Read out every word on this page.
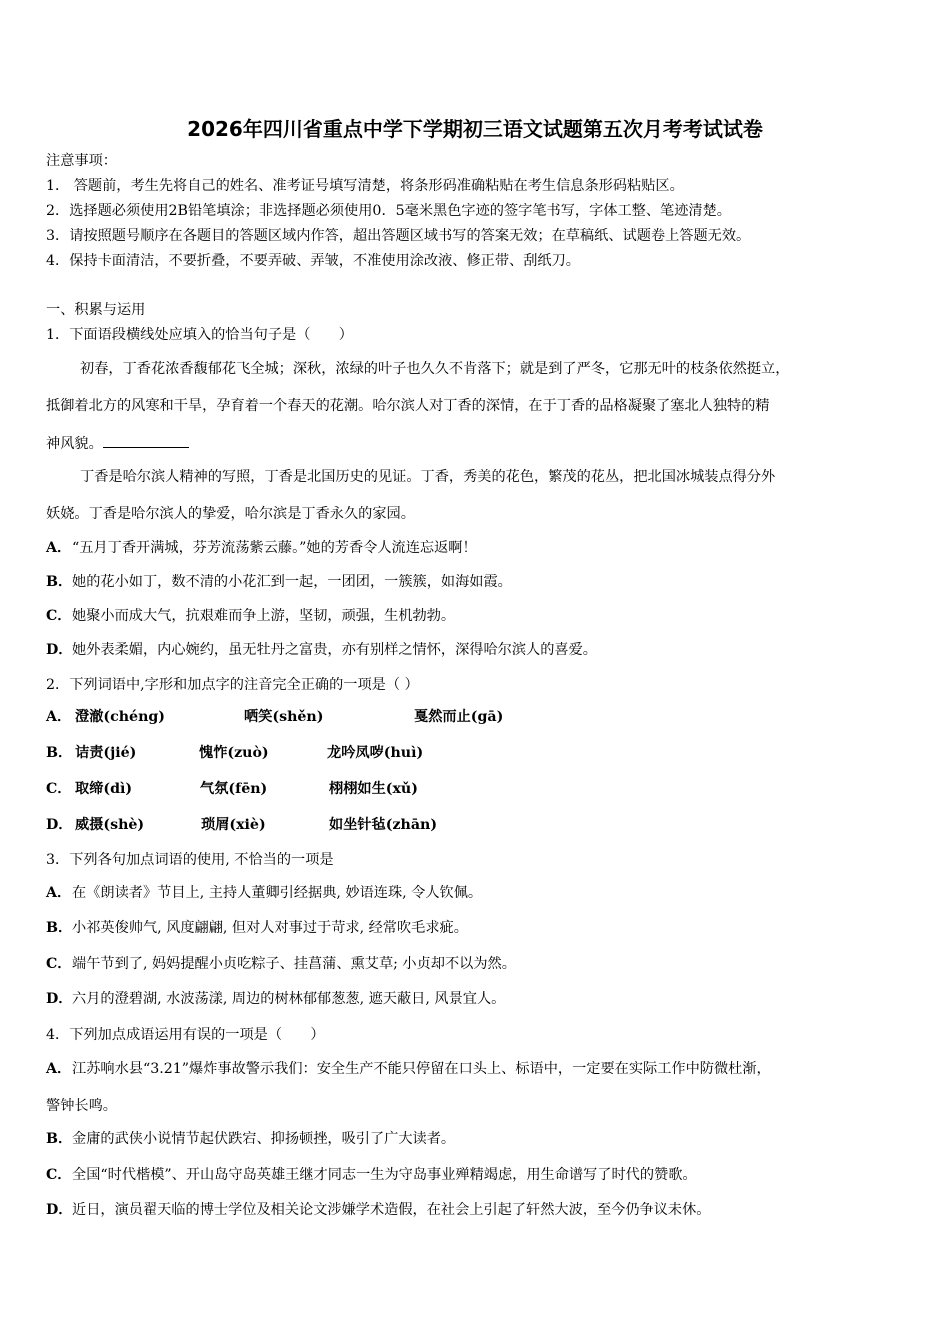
2026年四川省重点中学下学期初三语文试题第五次月考考试试卷
注意事项：
1． 答题前，考生先将自己的姓名、准考证号填写清楚，将条形码准确粘贴在考生信息条形码粘贴区。
2．选择题必须使用2B铅笔填涂；非选择题必须使用0．5毫米黑色字迹的签字笔书写，字体工整、笔迹清楚。
3．请按照题号顺序在各题目的答题区域内作答，超出答题区域书写的答案无效；在草稿纸、试题卷上答题无效。
4．保持卡面清洁，不要折叠，不要弄破、弄皱，不准使用涂改液、修正带、刮纸刀。
一、积累与运用
1．下面语段横线处应填入的恰当句子是（　　）
初春，丁香花浓香馥郁花飞全城；深秋，浓绿的叶子也久久不肯落下；就是到了严冬，它那无叶的枝条依然挺立，
抵御着北方的风寒和干旱，孕育着一个春天的花潮。哈尔滨人对丁香的深情，在于丁香的品格凝聚了塞北人独特的精
神风貌。
丁香是哈尔滨人精神的写照，丁香是北国历史的见证。丁香，秀美的花色，繁茂的花丛，把北国冰城装点得分外
妖娆。丁香是哈尔滨人的挚爱，哈尔滨是丁香永久的家园。
A．“五月丁香开满城，芬芳流荡紫云藤。”她的芳香令人流连忘返啊！
B．她的花小如丁，数不清的小花汇到一起，一团团，一簇簇，如海如霞。
C．她聚小而成大气，抗艰难而争上游，坚韧，顽强，生机勃勃。
D．她外表柔媚，内心婉约，虽无牡丹之富贵，亦有别样之情怀，深得哈尔滨人的喜爱。
2．下列词语中,字形和加点字的注音完全正确的一项是（ ）
A． 澄澈(chéng)	哂笑(shěn)	戛然而止(gā)
B． 诘责(jié)	愧怍(zuò)	龙吟凤哕(huì)
C． 取缔(dì)	气氛(fēn)	栩栩如生(xǔ)
D． 威摄(shè)	琐屑(xiè)	如坐针毡(zhān)
3．下列各句加点词语的使用, 不恰当的一项是
A．在《朗读者》节目上, 主持人董卿引经据典, 妙语连珠, 令人钦佩。
B．小祁英俊帅气, 风度翩翩, 但对人对事过于苛求, 经常吹毛求疵。
C．端午节到了, 妈妈提醒小贞吃粽子、挂菖蒲、熏艾草; 小贞却不以为然。
D．六月的澄碧湖, 水波荡漾, 周边的树林郁郁葱葱, 遮天蔽日, 风景宜人。
4．下列加点成语运用有误的一项是（　　）
A．江苏响水县“3.21”爆炸事故警示我们：安全生产不能只停留在口头上、标语中，一定要在实际工作中防微杜渐，
警钟长鸣。
B．金庸的武侠小说情节起伏跌宕、抑扬顿挫，吸引了广大读者。
C．全国“时代楷模”、开山岛守岛英雄王继才同志一生为守岛事业殚精竭虑，用生命谱写了时代的赞歌。
D．近日，演员翟天临的博士学位及相关论文涉嫌学术造假，在社会上引起了轩然大波，至今仍争议未休。
